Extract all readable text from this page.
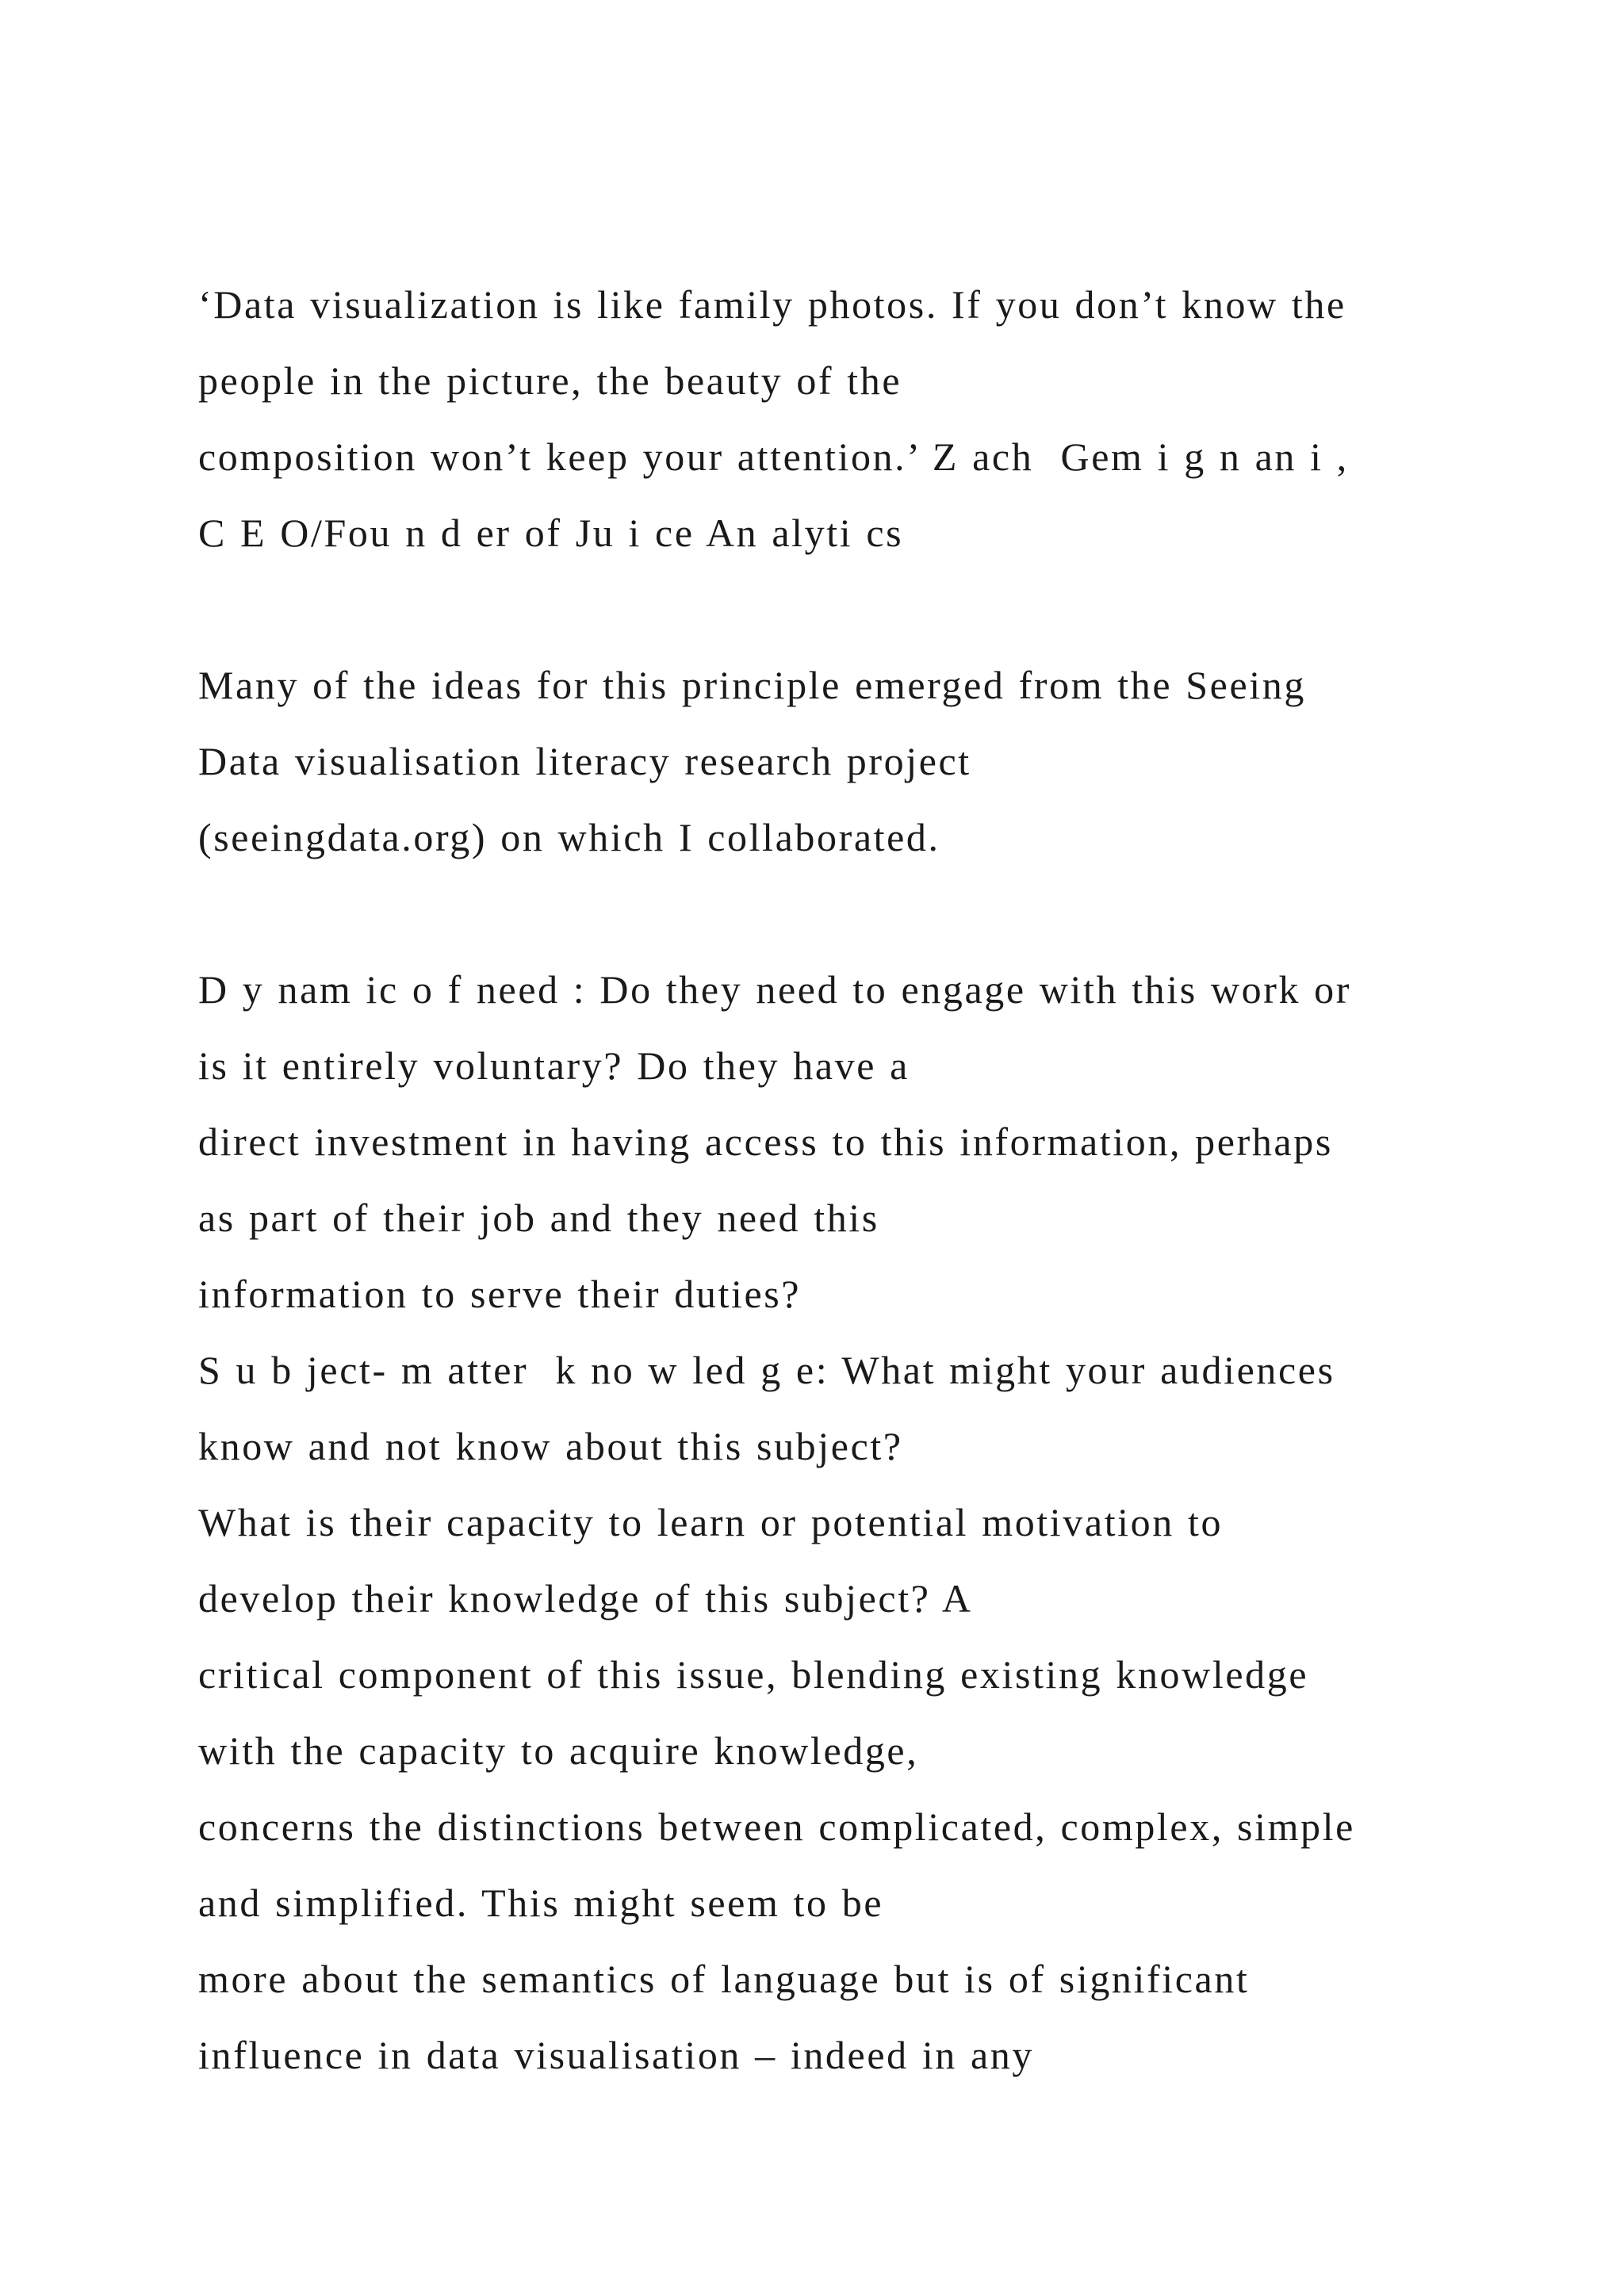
‘Data visualization is like family photos. If you don’t know the
people in the picture, the beauty of the
composition won’t keep your attention.’ Z ach  Gem i g n an i ,
C E O/Fou n d er of Ju i ce An alyti cs
Many of the ideas for this principle emerged from the Seeing
Data visualisation literacy research project
(seeingdata.org) on which I collaborated.
D y nam ic o f need : Do they need to engage with this work or
is it entirely voluntary? Do they have a
direct investment in having access to this information, perhaps
as part of their job and they need this
information to serve their duties?
S u b ject- m atter  k no w led g e: What might your audiences
know and not know about this subject?
What is their capacity to learn or potential motivation to
develop their knowledge of this subject? A
critical component of this issue, blending existing knowledge
with the capacity to acquire knowledge,
concerns the distinctions between complicated, complex, simple
and simplified. This might seem to be
more about the semantics of language but is of significant
influence in data visualisation – indeed in any
